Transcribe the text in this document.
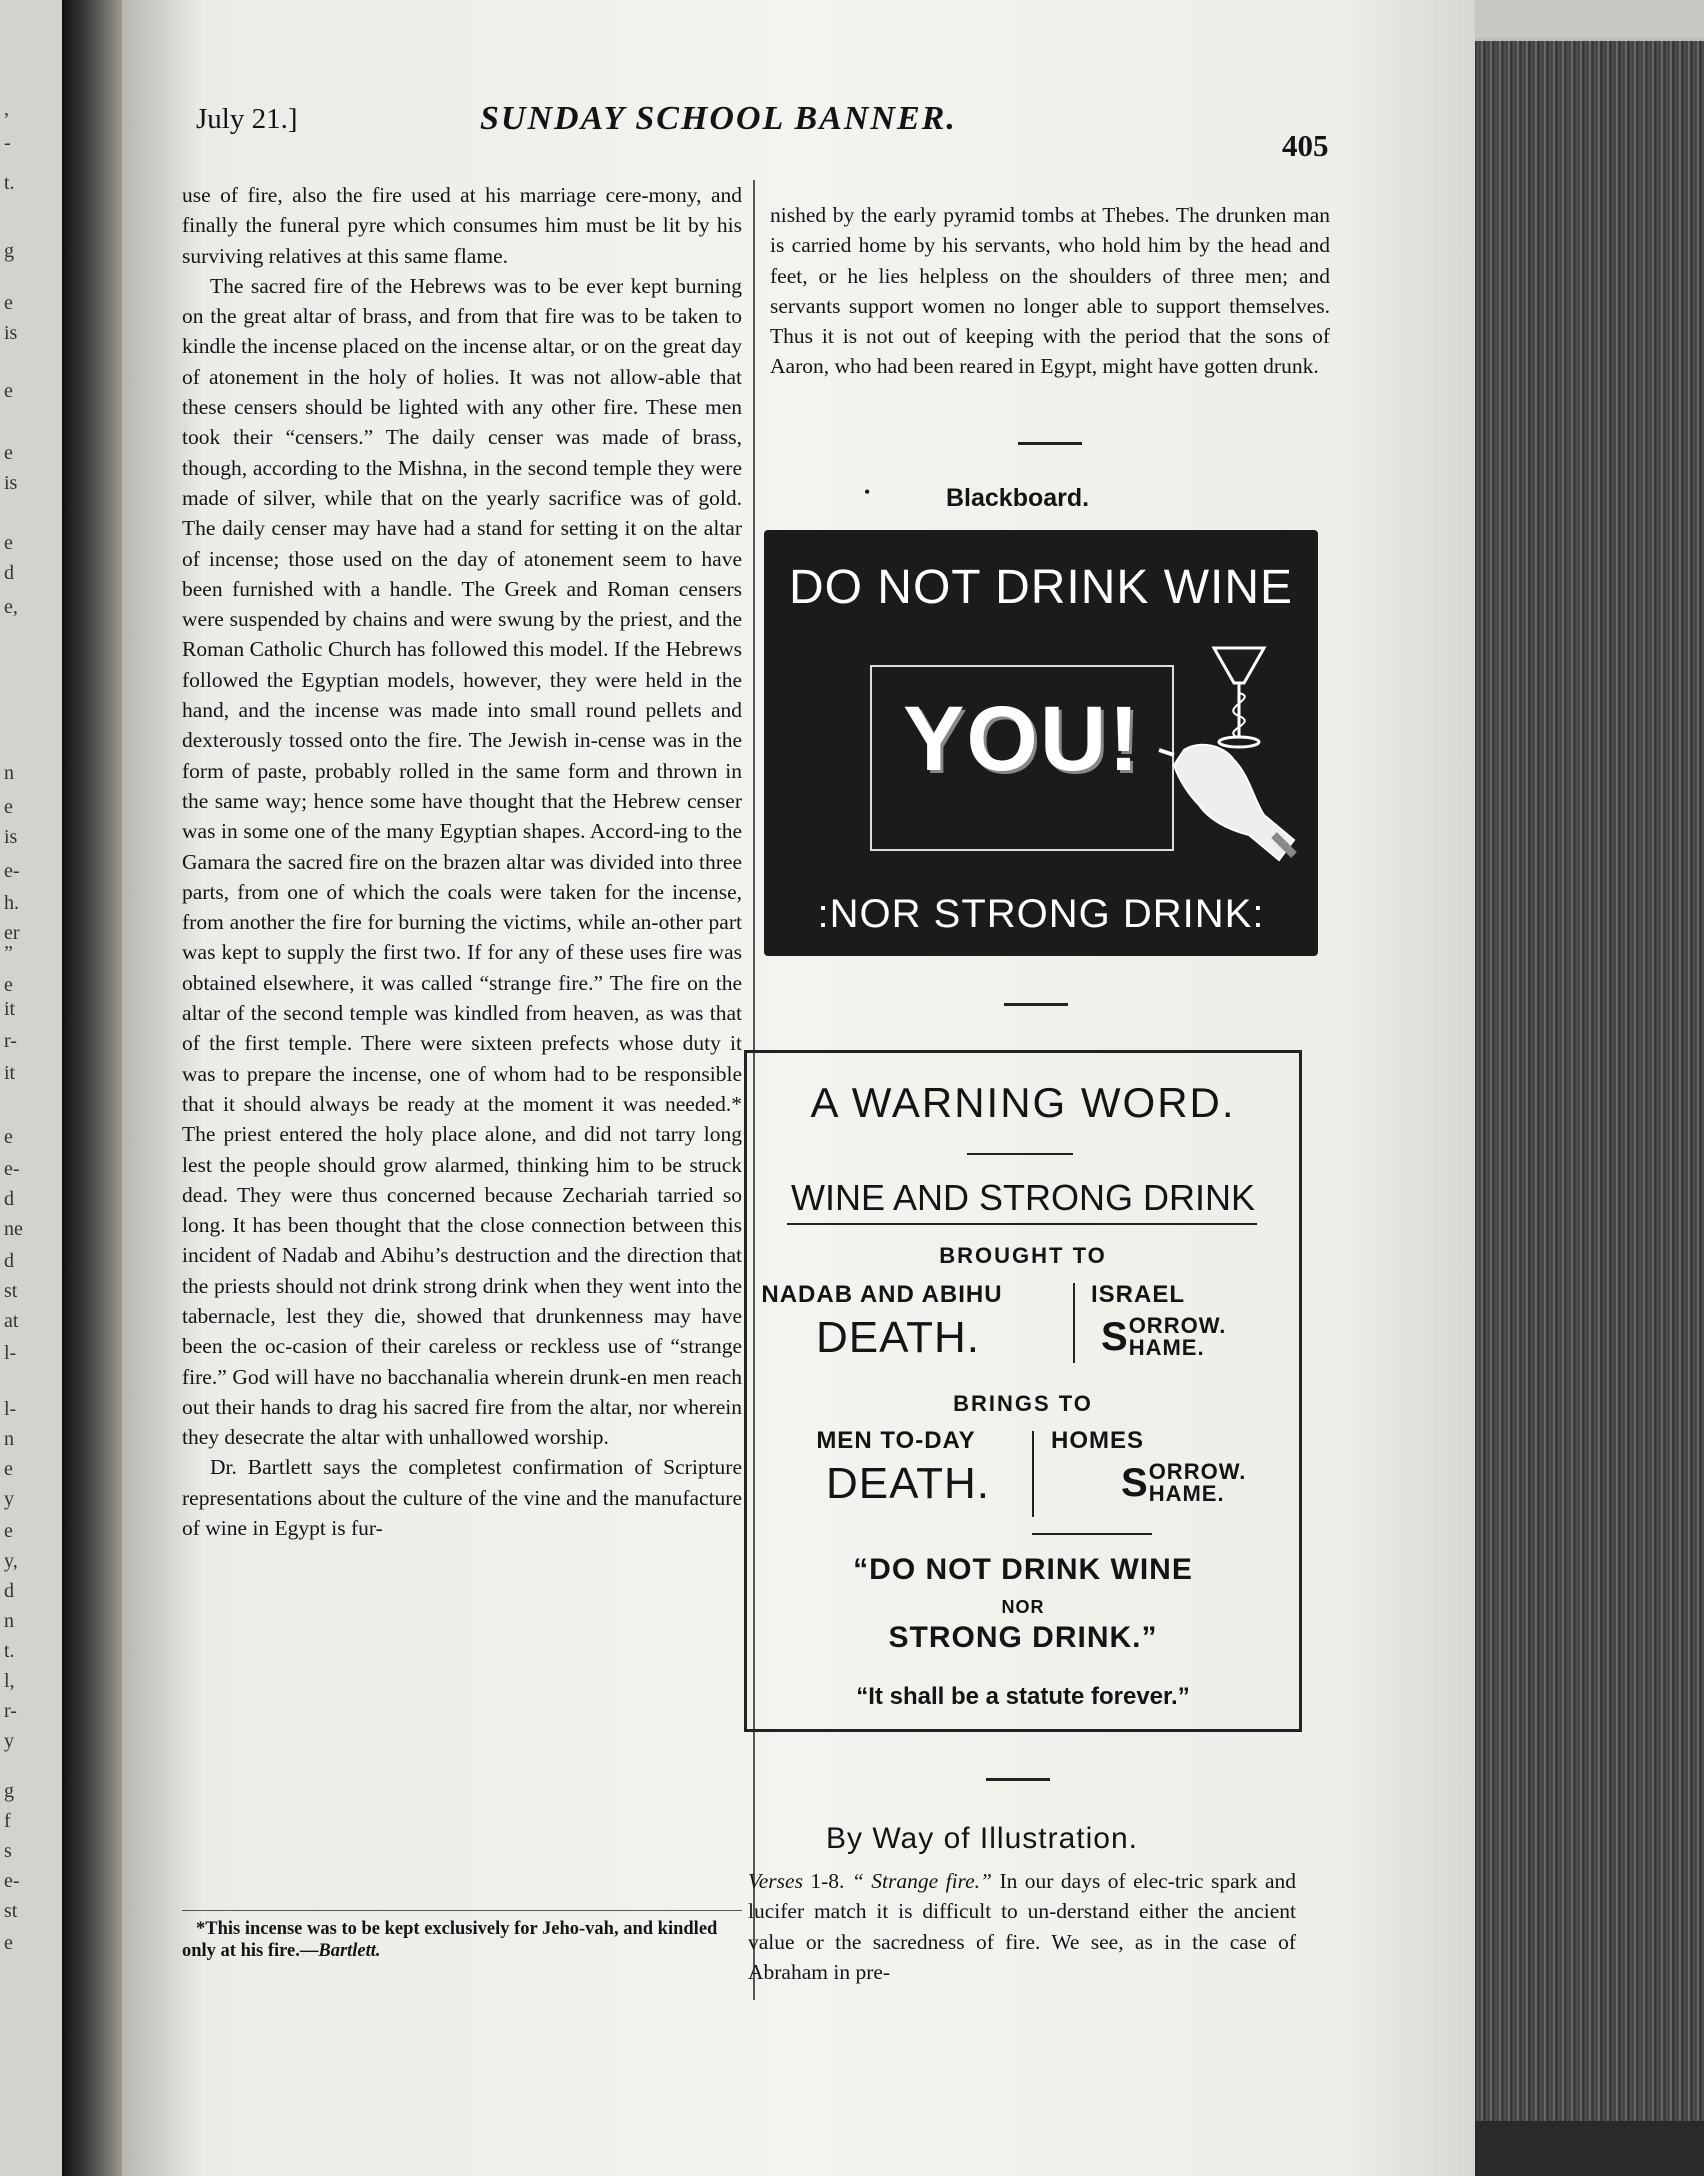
,
-
t.
g
e
is
e
e
is
e
d
e,
n
e
is
e-
h.
er
”
e
it
r-
it
e
e-
d
ne
d
st
at
l-
l-
n
e
y
e
y,
d
n
t.
l,
r-
y
g
f
s
e-
st
e
July 21.]	SUNDAY SCHOOL BANNER.
405

use of fire, also the fire used at his marriage cere-mony, and finally the funeral pyre which consumes him must be lit by his surviving relatives at this same flame.

The sacred fire of the Hebrews was to be ever kept burning on the great altar of brass, and from that fire was to be taken to kindle the incense placed on the incense altar, or on the great day of atonement in the holy of holies. It was not allow-able that these censers should be lighted with any other fire. These men took their “censers.” The daily censer was made of brass, though, according to the Mishna, in the second temple they were made of silver, while that on the yearly sacrifice was of gold. The daily censer may have had a stand for setting it on the altar of incense; those used on the day of atonement seem to have been furnished with a handle. The Greek and Roman censers were suspended by chains and were swung by the priest, and the Roman Catholic Church has followed this model. If the Hebrews followed the Egyptian models, however, they were held in the hand, and the incense was made into small round pellets and dexterously tossed onto the fire. The Jewish in-cense was in the form of paste, probably rolled in the same form and thrown in the same way; hence some have thought that the Hebrew censer was in some one of the many Egyptian shapes. Accord-ing to the Gamara the sacred fire on the brazen altar was divided into three parts, from one of which the coals were taken for the incense, from another the fire for burning the victims, while an-other part was kept to supply the first two. If for any of these uses fire was obtained elsewhere, it was called “strange fire.” The fire on the altar of the second temple was kindled from heaven, as was that of the first temple. There were sixteen prefects whose duty it was to prepare the incense, one of whom had to be responsible that it should always be ready at the moment it was needed.* The priest entered the holy place alone, and did not tarry long lest the people should grow alarmed, thinking him to be struck dead. They were thus concerned because Zechariah tarried so long. It has been thought that the close connection between this incident of Nadab and Abihu’s destruction and the direction that the priests should not drink strong drink when they went into the tabernacle, lest they die, showed that drunkenness may have been the oc-casion of their careless or reckless use of “strange fire.” God will have no bacchanalia wherein drunk-en men reach out their hands to drag his sacred fire from the altar, nor wherein they desecrate the altar with unhallowed worship.

Dr. Bartlett says the completest confirmation of Scripture representations about the culture of the vine and the manufacture of wine in Egypt is fur-

*This incense was to be kept exclusively for Jeho-vah, and kindled only at his fire.—Bartlett.

nished by the early pyramid tombs at Thebes. The drunken man is carried home by his servants, who hold him by the head and feet, or he lies helpless on the shoulders of three men; and servants support women no longer able to support themselves. Thus it is not out of keeping with the period that the sons of Aaron, who had been reared in Egypt, might have gotten drunk.

•	Blackboard.
DO NOT DRINK WINE
YOU!
:NOR STRONG DRINK:
A WARNING WORD.
WINE AND STRONG DRINK
BROUGHT TO
NADAB AND ABIHU	ISRAEL
DEATH.	S ORROW.
HAME.
BRINGS TO
MEN TO-DAY	HOMES
DEATH.	S ORROW.
HAME.
“DO NOT DRINK WINE
NOR
STRONG DRINK.”
“It shall be a statute forever.”
By Way of Illustration.
Verses 1-8. “ Strange fire.” In our days of elec-tric spark and lucifer match it is difficult to un-derstand either the ancient value or the sacredness of fire. We see, as in the case of Abraham in pre-
